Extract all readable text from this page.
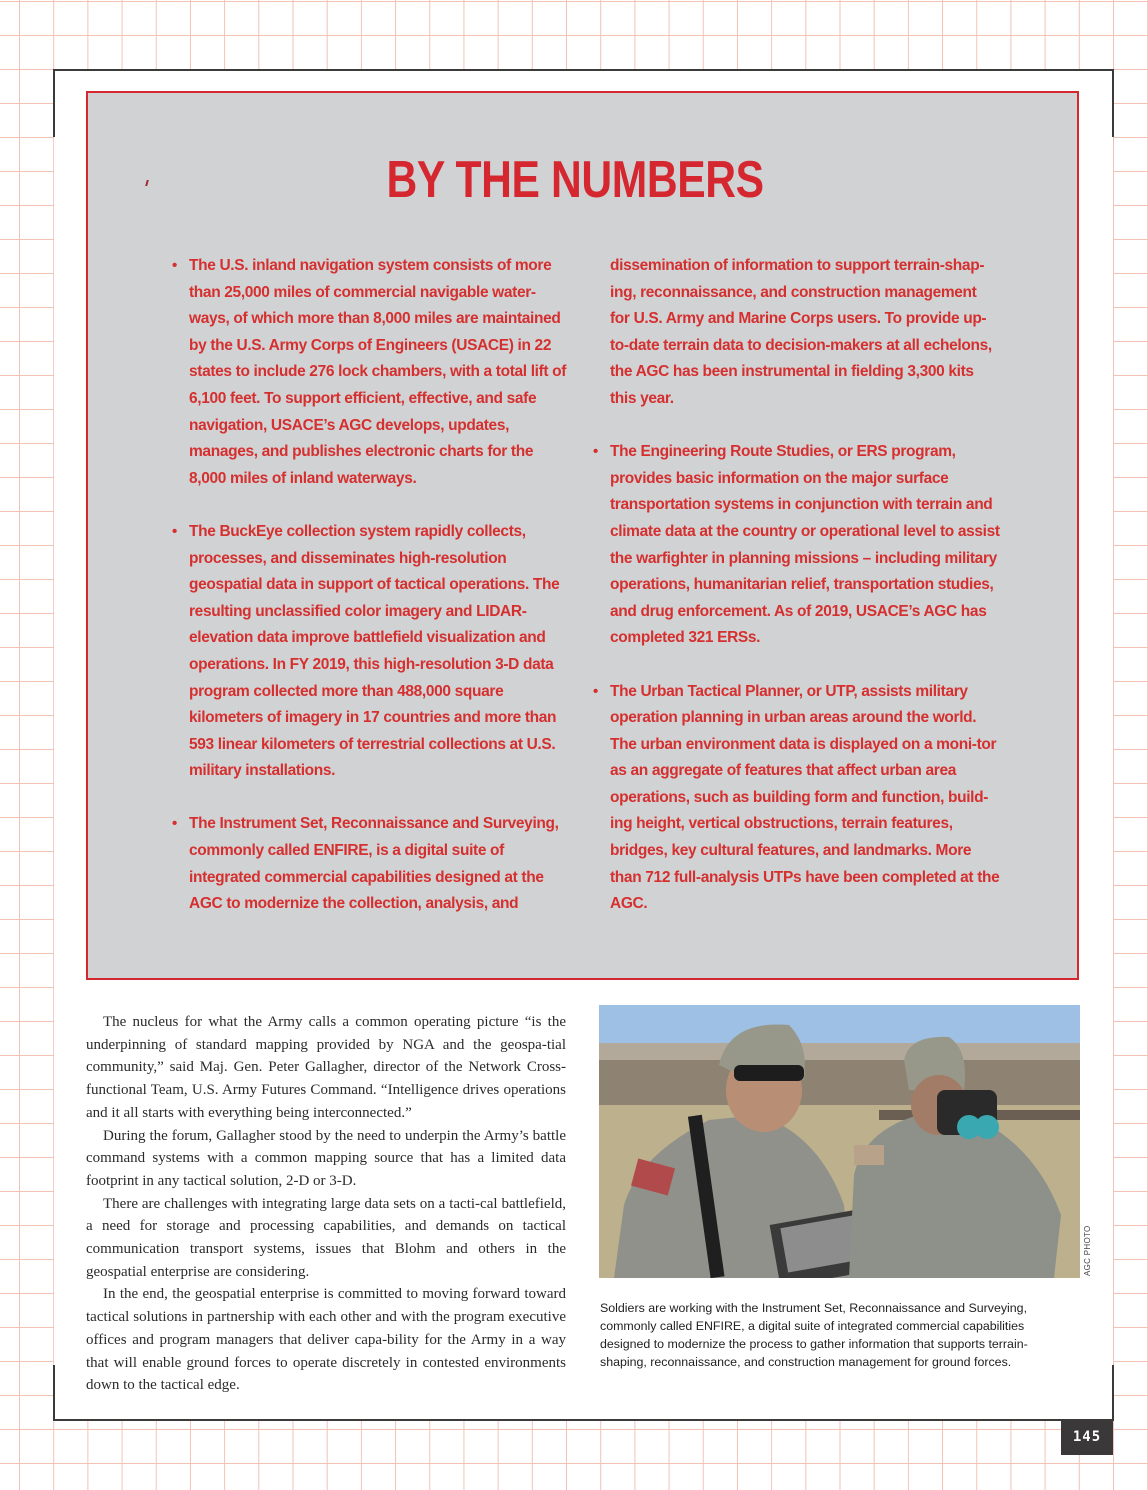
BY THE NUMBERS
• The U.S. inland navigation system consists of more than 25,000 miles of commercial navigable water-ways, of which more than 8,000 miles are maintained by the U.S. Army Corps of Engineers (USACE) in 22 states to include 276 lock chambers, with a total lift of 6,100 feet. To support efficient, effective, and safe navigation, USACE’s AGC develops, updates, manages, and publishes electronic charts for the 8,000 miles of inland waterways.
• The BuckEye collection system rapidly collects, processes, and disseminates high-resolution geospatial data in support of tactical operations. The resulting unclassified color imagery and LIDAR-elevation data improve battlefield visualization and operations. In FY 2019, this high-resolution 3-D data program collected more than 488,000 square kilometers of imagery in 17 countries and more than 593 linear kilometers of terrestrial collections at U.S. military installations.
• The Instrument Set, Reconnaissance and Surveying, commonly called ENFIRE, is a digital suite of integrated commercial capabilities designed at the AGC to modernize the collection, analysis, and
dissemination of information to support terrain-shap-ing, reconnaissance, and construction management for U.S. Army and Marine Corps users. To provide up-to-date terrain data to decision-makers at all echelons, the AGC has been instrumental in fielding 3,300 kits this year.
• The Engineering Route Studies, or ERS program, provides basic information on the major surface transportation systems in conjunction with terrain and climate data at the country or operational level to assist the warfighter in planning missions – including military operations, humanitarian relief, transportation studies, and drug enforcement. As of 2019, USACE’s AGC has completed 321 ERSs.
• The Urban Tactical Planner, or UTP, assists military operation planning in urban areas around the world. The urban environment data is displayed on a moni-tor as an aggregate of features that affect urban area operations, such as building form and function, build-ing height, vertical obstructions, terrain features, bridges, key cultural features, and landmarks. More than 712 full-analysis UTPs have been completed at the AGC.

The nucleus for what the Army calls a common operating picture “is the underpinning of standard mapping provided by NGA and the geospa-tial community,” said Maj. Gen. Peter Gallagher, director of the Network Cross-functional Team, U.S. Army Futures Command. “Intelligence drives operations and it all starts with everything being interconnected.”

During the forum, Gallagher stood by the need to underpin the Army’s battle command systems with a common mapping source that has a limited data footprint in any tactical solution, 2-D or 3-D.

There are challenges with integrating large data sets on a tacti-cal battlefield, a need for storage and processing capabilities, and demands on tactical communication transport systems, issues that Blohm and others in the geospatial enterprise are considering.

In the end, the geospatial enterprise is committed to moving forward toward tactical solutions in partnership with each other and with the program executive offices and program managers that deliver capa-bility for the Army in a way that will enable ground forces to operate discretely in contested environments down to the tactical edge.

AGC PHOTO
Soldiers are working with the Instrument Set, Reconnaissance and Surveying, commonly called ENFIRE, a digital suite of integrated commercial capabilities designed to modernize the process to gather information that supports terrain-shaping, reconnaissance, and construction management for ground forces.
145
